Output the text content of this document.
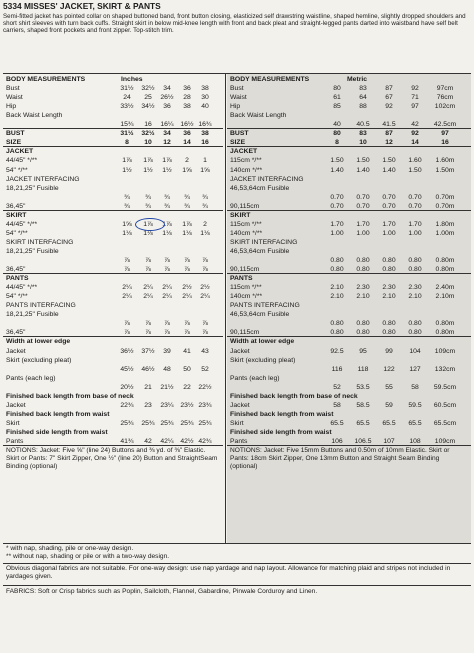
5334 MISSES' JACKET, SKIRT & PANTS
Semi-fitted jacket has pointed collar on shaped buttoned band, front button closing, elasticized self drawstring waistline, shaped hemline, slightly dropped shoulders and short shirt sleeves with turn back cuffs. Straight skirt in below mid-knee length with front and back pleat and straight-legged pants darted into waistband have self belt carriers, shaped front pockets and front zipper. Top-stitch trim.
BODY MEASUREMENTS	Inches
Bust	31½	32½	34	36	38
Waist	24	25	26½	28	30
Hip	33½	34½	36	38	40
Back Waist Length
15¾	16	16¼ 16½ 16¾
BUST	31½	32½	34	36	38
SIZE	8	10	12	14	16
JACKET
44/45" */**	1⅞	1⅞	1⅞	2	1
54" */**	1½	1½	1½	1⅝	1⅝
JACKET INTERFACING
18,21,25" Fusible
¾	¾	¾	¾	¾
36,45"	¾	¾	¾	¾	¾
SKIRT
44/45" */**	1⅝	1⅞	1⅞	1⅞	2
54" */**	1⅛	1⅛	1⅛	1⅛	1⅛
SKIRT INTERFACING
18,21,25" Fusible
⅞	⅞	⅞	⅞	⅞
36,45"	⅞	⅞	⅞	⅞	⅞
PANTS
44/45" */**	2¼	2¼	2¼	2½	2½
54" */**	2¼	2¼	2¼	2¼	2¼
PANTS INTERFACING
18,21,25" Fusible
⅞	⅞	⅞	⅞	⅞
36,45"	⅞	⅞	⅞	⅞	⅞
Width at lower edge
Jacket	36½	37½	39	41	43
Skirt (excluding pleat)
45½	46½	48	50	52
Pants (each leg)
20½	21	21½	22	22½
Finished back length from base of neck
Jacket	22¾	23	23¼ 23½ 23¾
Finished back length from waist
Skirt	25¾	25¾ 25¾ 25¾ 25¾
Finished side length from waist
Pants	41¾	42	42¼ 42½ 42¾
NOTIONS: Jacket: Five ⅝" (line 24) Buttons and ⅜ yd. of ⅜" Elastic. Skirt or Pants: 7" Skirt Zipper, One ½" (line 20) Button and StraightSeam Binding (optional)
BODY MEASUREMENTS	Metric
Bust	80	83	87	92	97cm
Waist	61	64	67	71	76cm
Hip	85	88	92	97	102cm
Back Waist Length
40	40.5	41.5	42	42.5cm
BUST	80	83	87	92	97
SIZE	8	10	12	14	16
JACKET
115cm */**	1.50	1.50	1.50	1.60	1.60m
140cm */**	1.40	1.40	1.40	1.50	1.50m
JACKET INTERFACING
46,53,64cm Fusible
0.70	0.70	0.70	0.70	0.70m
90,115cm	0.70	0.70	0.70	0.70	0.70m
SKIRT
115cm */**	1.70	1.70	1.70	1.70	1.80m
140cm */**	1.00	1.00	1.00	1.00	1.00m
SKIRT INTERFACING
46,53,64cm Fusible
0.80	0.80	0.80	0.80	0.80m
90,115cm	0.80	0.80	0.80	0.80	0.80m
PANTS
115cm */**	2.10	2.30	2.30	2.30	2.40m
140cm */**	2.10	2.10	2.10	2.10	2.10m
PANTS INTERFACING
46,53,64cm Fusible
0.80	0.80	0.80	0.80	0.80m
90,115cm	0.80	0.80	0.80	0.80	0.80m
Width at lower edge
Jacket	92.5	95	99	104	109cm
Skirt (excluding pleat)
116	118	122	127	132cm
Pants (each leg)
52	53.5	55	58	59.5cm
Finished back length from base of neck
Jacket	58	58.5	59	59.5	60.5cm
Finished back length from waist
Skirt	65.5	65.5	65.5	65.5	65.5cm
Finished side length from waist
Pants	106	106.5	107	108	109cm
NOTIONS: Jacket: Five 15mm Buttons and 0.50m of 10mm Elastic. Skirt or Pants: 18cm Skirt Zipper, One 13mm Button and Straight Seam Binding (optional)
* with nap, shading, pile or one-way design.
** without nap, shading or pile or with a two-way design.
Obvious diagonal fabrics are not suitable. For one-way design: use nap yardage and nap layout. Allowance for matching plaid and stripes not included in yardages given.
FABRICS: Soft or Crisp fabrics such as Poplin, Sailcloth, Flannel, Gabardine, Pinwale Corduroy and Linen.
